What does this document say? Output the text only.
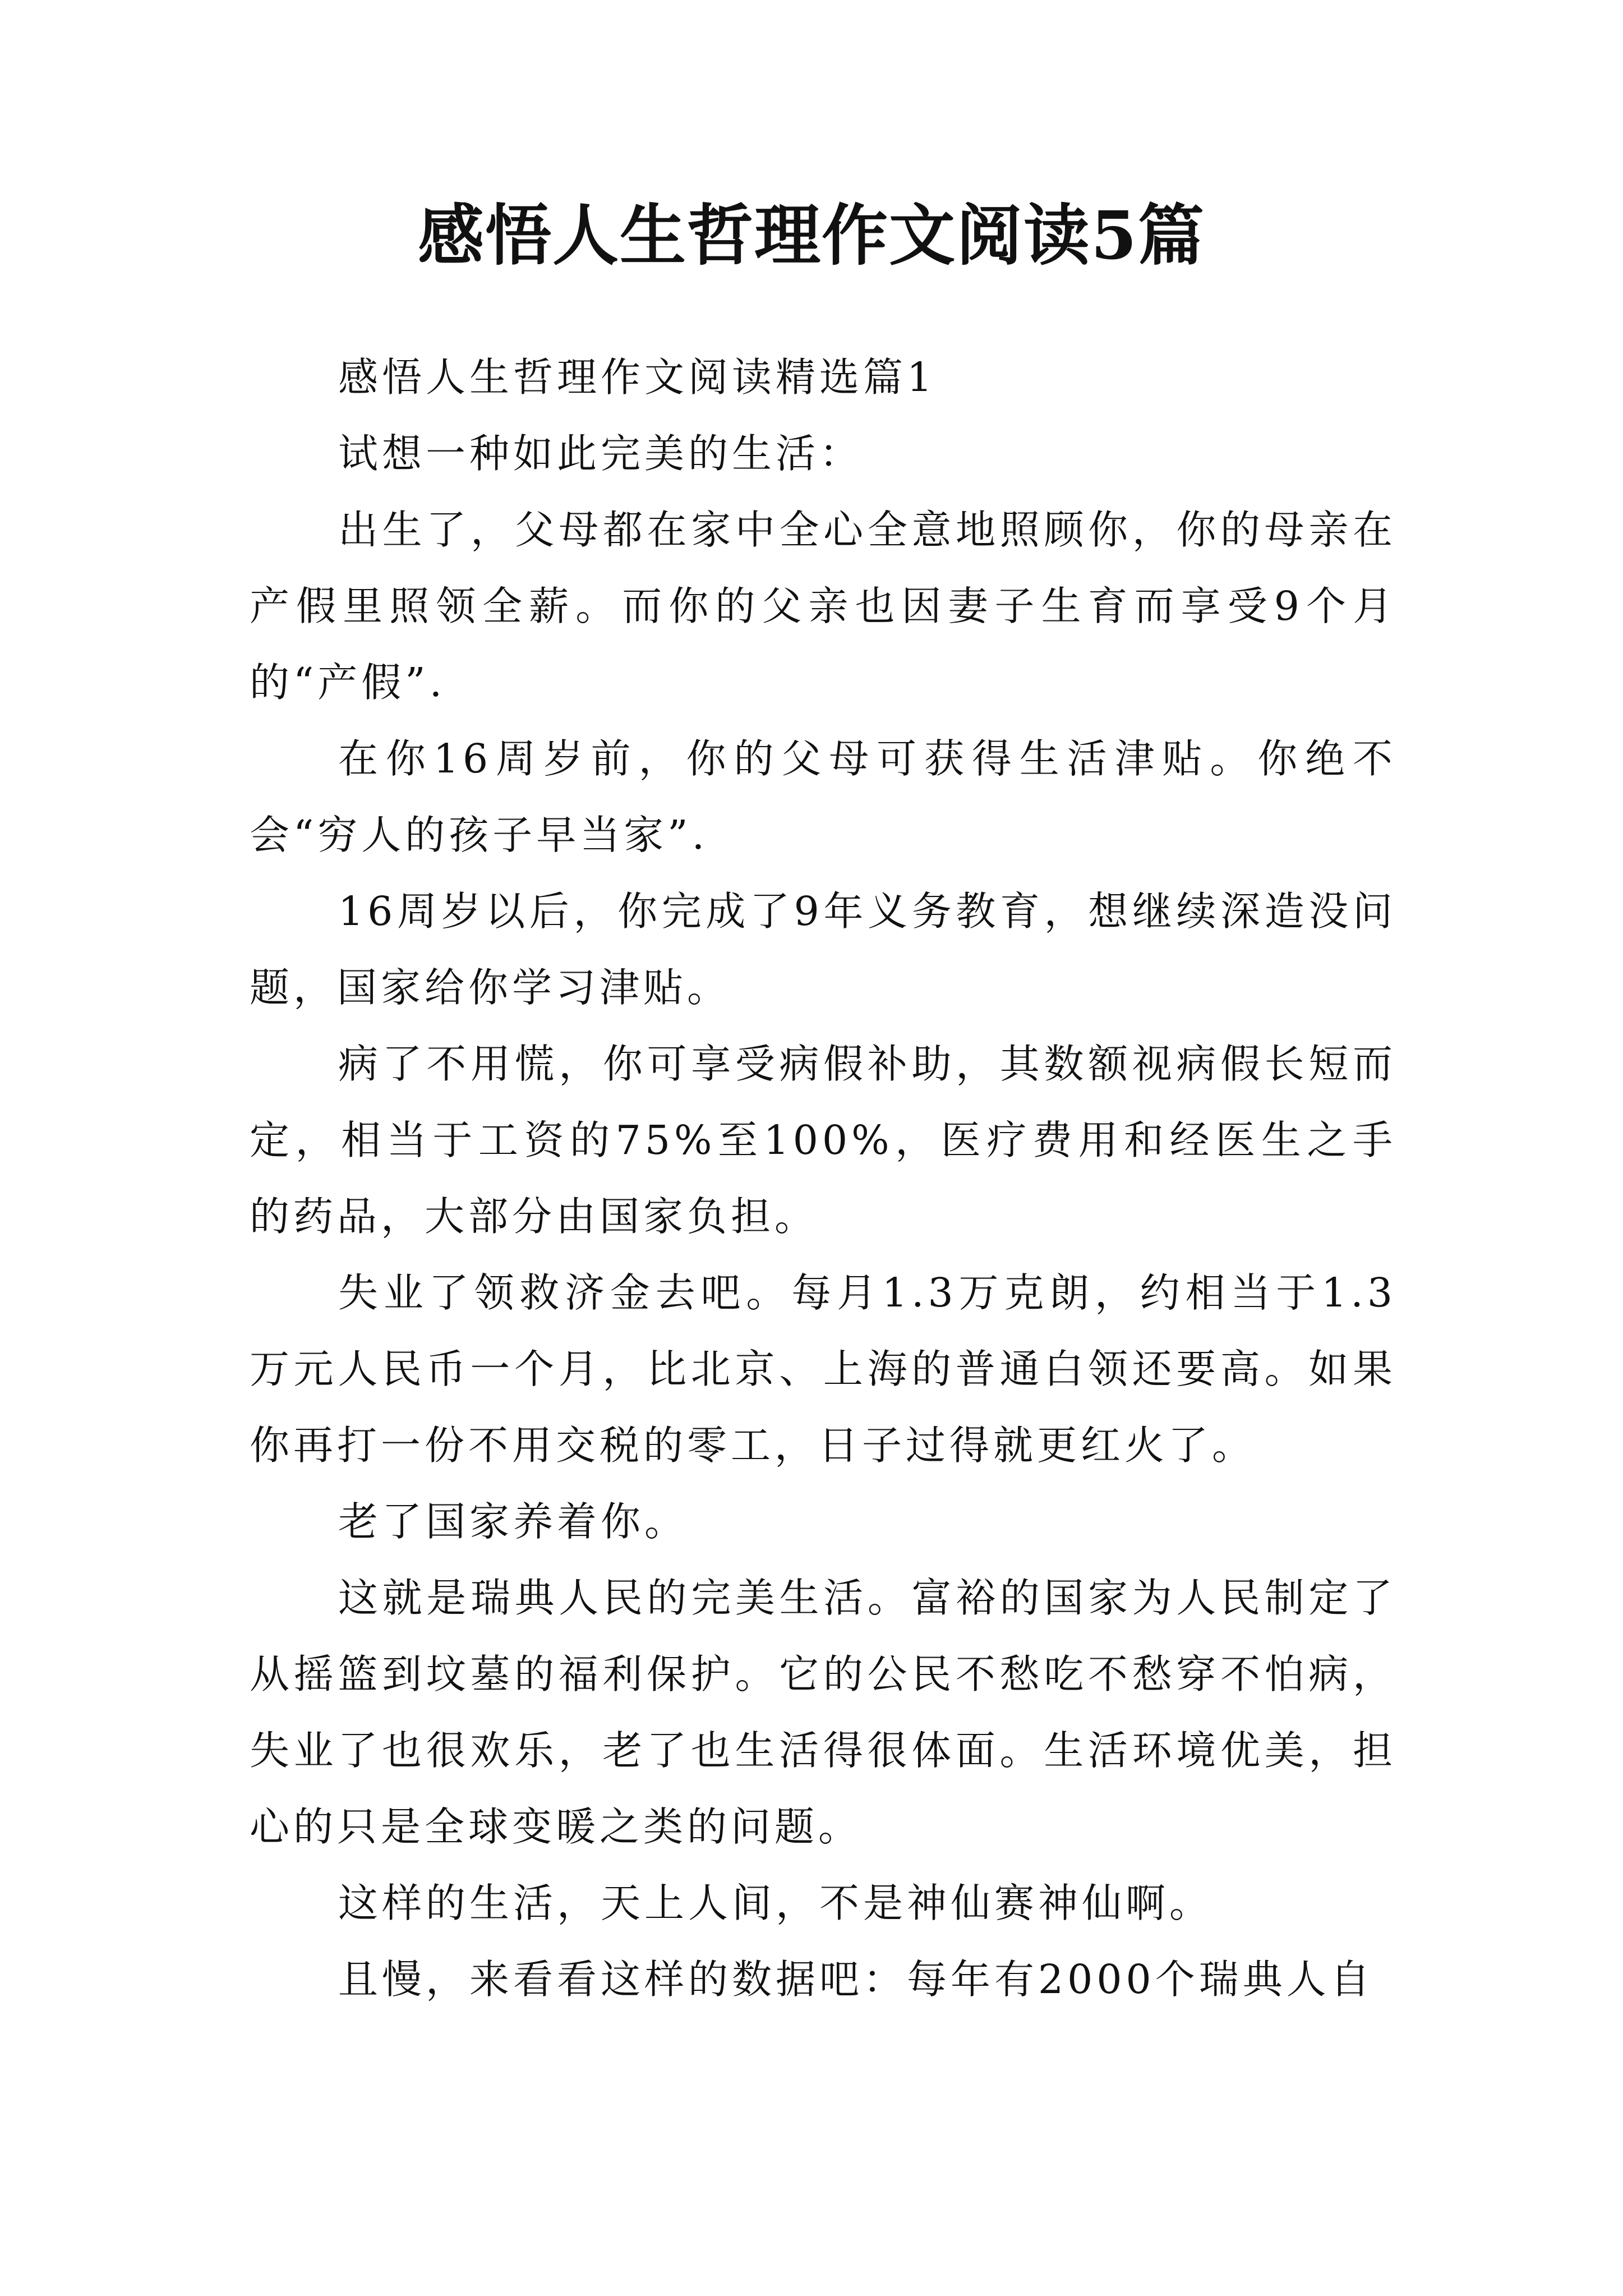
感悟人生哲理作文阅读5篇

感悟人生哲理作文阅读精选篇1

试想一种如此完美的生活：

出生了，父母都在家中全心全意地照顾你，你的母亲在产假里照领全薪。而你的父亲也因妻子生育而享受9个月的“产假”.

在你16周岁前，你的父母可获得生活津贴。你绝不会“穷人的孩子早当家”.

16周岁以后，你完成了9年义务教育，想继续深造没问题，国家给你学习津贴。

病了不用慌，你可享受病假补助，其数额视病假长短而定，相当于工资的75%至100%，医疗费用和经医生之手的药品，大部分由国家负担。

失业了领救济金去吧。每月1.3万克朗，约相当于1.3万元人民币一个月，比北京、上海的普通白领还要高。如果你再打一份不用交税的零工，日子过得就更红火了。

老了国家养着你。

这就是瑞典人民的完美生活。富裕的国家为人民制定了从摇篮到坟墓的福利保护。它的公民不愁吃不愁穿不怕病，失业了也很欢乐，老了也生活得很体面。生活环境优美，担心的只是全球变暖之类的问题。

这样的生活，天上人间，不是神仙赛神仙啊。

且慢，来看看这样的数据吧：每年有2000个瑞典人自
